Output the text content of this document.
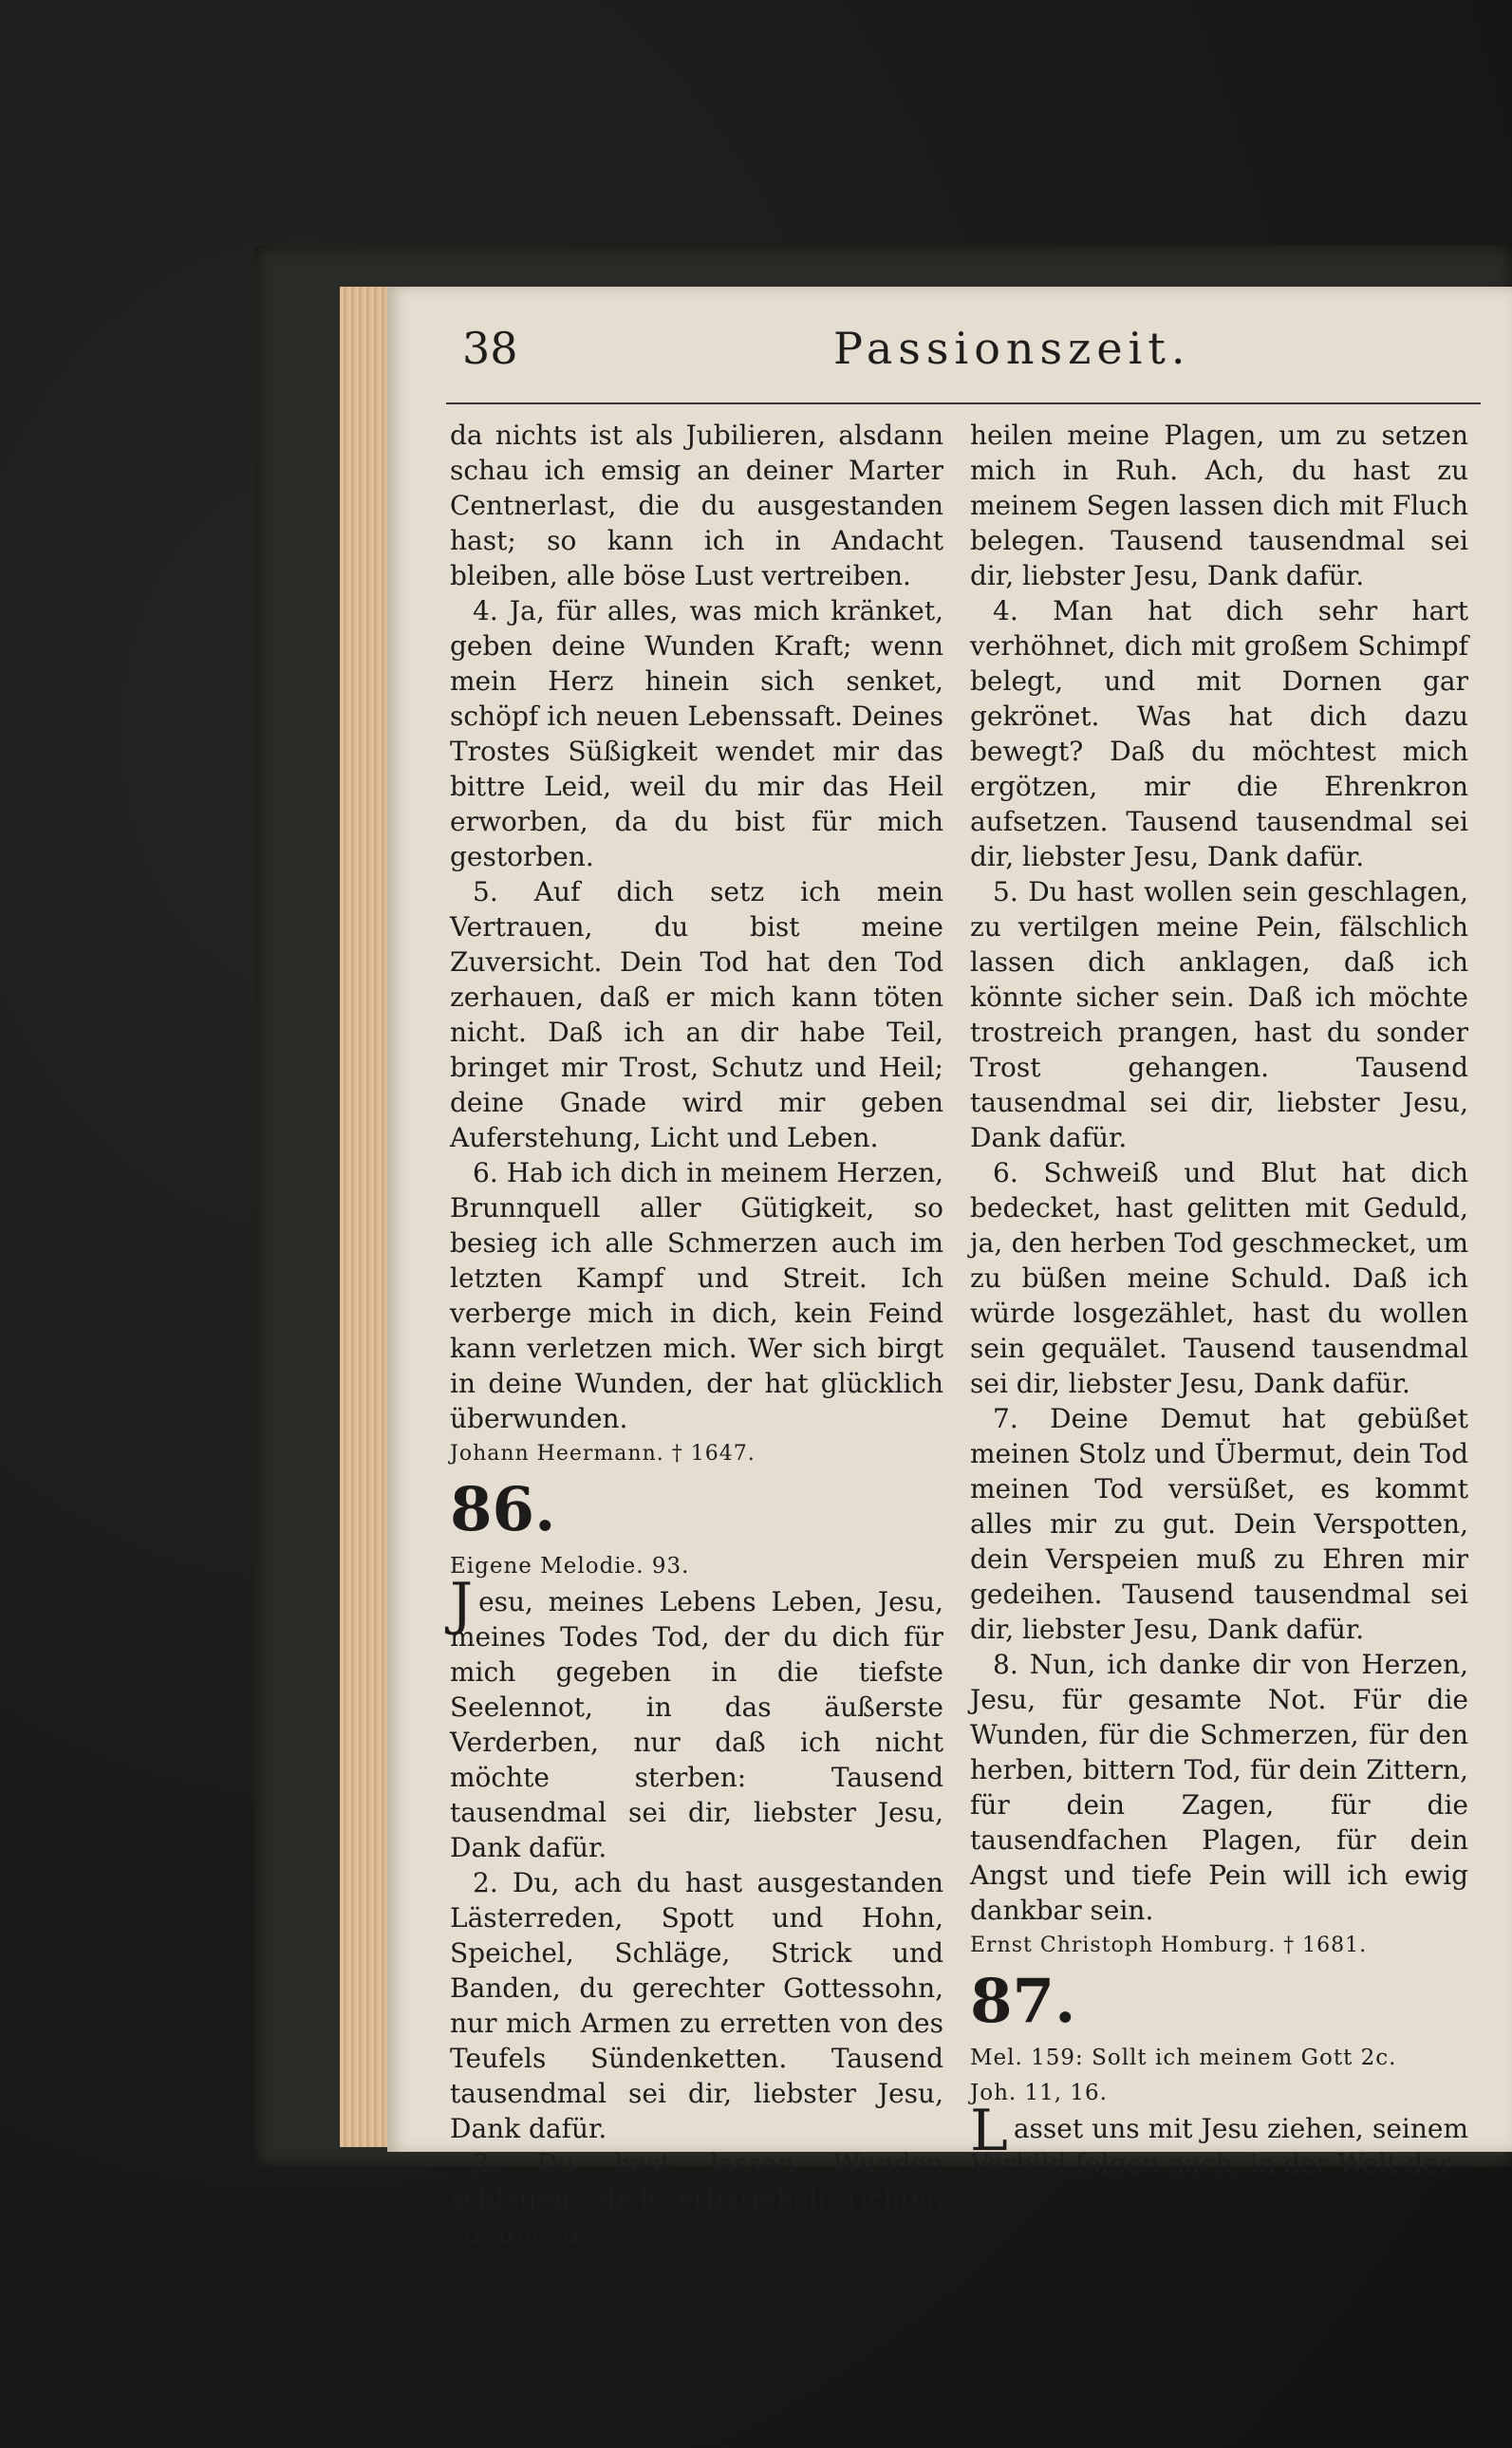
38	Passionszeit.

da nichts ist als Jubilieren, alsdann schau ich emsig an deiner Marter Centnerlast, die du ausgestanden hast; so kann ich in Andacht bleiben, alle böse Lust vertreiben.

4. Ja, für alles, was mich kränket, geben deine Wunden Kraft; wenn mein Herz hinein sich senket, schöpf ich neuen Lebenssaft. Deines Trostes Süßigkeit wendet mir das bittre Leid, weil du mir das Heil erworben, da du bist für mich gestorben.

5. Auf dich setz ich mein Vertrauen, du bist meine Zuversicht. Dein Tod hat den Tod zerhauen, daß er mich kann töten nicht. Daß ich an dir habe Teil, bringet mir Trost, Schutz und Heil; deine Gnade wird mir geben Auferstehung, Licht und Leben.

6. Hab ich dich in meinem Herzen, Brunnquell aller Gütigkeit, so besieg ich alle Schmerzen auch im letzten Kampf und Streit. Ich verberge mich in dich, kein Feind kann verletzen mich. Wer sich birgt in deine Wunden, der hat glücklich überwunden.

Johann Heermann. † 1647.

86.

Eigene Melodie. 93.

Jesu, meines Lebens Leben, Jesu, meines Todes Tod, der du dich für mich gegeben in die tiefste Seelennot, in das äußerste Verderben, nur daß ich nicht möchte sterben: Tausend tausendmal sei dir, liebster Jesu, Dank dafür.

2. Du, ach du hast ausgestanden Lästerreden, Spott und Hohn, Speichel, Schläge, Strick und Banden, du gerechter Gottessohn, nur mich Armen zu erretten von des Teufels Sündenketten. Tausend tausendmal sei dir, liebster Jesu, Dank dafür.

3. Du hast lassen Wunden schlagen, dich erbärmlich richten zu, um zu

heilen meine Plagen, um zu setzen mich in Ruh. Ach, du hast zu meinem Segen lassen dich mit Fluch belegen. Tausend tausendmal sei dir, liebster Jesu, Dank dafür.

4. Man hat dich sehr hart verhöhnet, dich mit großem Schimpf belegt, und mit Dornen gar gekrönet. Was hat dich dazu bewegt? Daß du möchtest mich ergötzen, mir die Ehrenkron aufsetzen. Tausend tausendmal sei dir, liebster Jesu, Dank dafür.

5. Du hast wollen sein geschlagen, zu vertilgen meine Pein, fälschlich lassen dich anklagen, daß ich könnte sicher sein. Daß ich möchte trostreich prangen, hast du sonder Trost gehangen. Tausend tausendmal sei dir, liebster Jesu, Dank dafür.

6. Schweiß und Blut hat dich bedecket, hast gelitten mit Geduld, ja, den herben Tod geschmecket, um zu büßen meine Schuld. Daß ich würde losgezählet, hast du wollen sein gequälet. Tausend tausendmal sei dir, liebster Jesu, Dank dafür.

7. Deine Demut hat gebüßet meinen Stolz und Übermut, dein Tod meinen Tod versüßet, es kommt alles mir zu gut. Dein Verspotten, dein Verspeien muß zu Ehren mir gedeihen. Tausend tausendmal sei dir, liebster Jesu, Dank dafür.

8. Nun, ich danke dir von Herzen, Jesu, für gesamte Not. Für die Wunden, für die Schmerzen, für den herben, bittern Tod, für dein Zittern, für dein Zagen, für die tausendfachen Plagen, für dein Angst und tiefe Pein will ich ewig dankbar sein.

Ernst Christoph Homburg. † 1681.

87.

Mel. 159: Sollt ich meinem Gott 2c.

Joh. 11, 16.

Lasset uns mit Jesu ziehen, seinem Vorbild folgen nach, in der Welt der
